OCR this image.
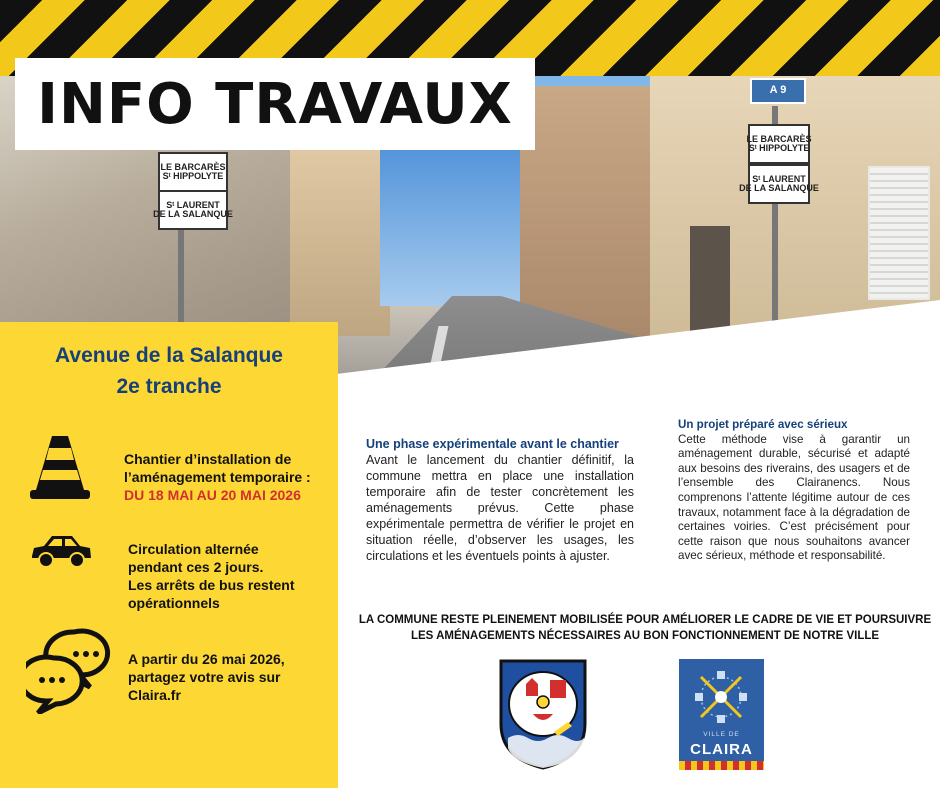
A 9
LE BARCARÈS
Sᵗ HIPPOLYTE
Sᵗ LAURENT
LA SALANQUE
LE BARCARÈS
Sᵗ HIPPOLYTE
Sᵗ LAURENT
DE LA SALANQUE
INFO TRAVAUX
Avenue de la Salanque
2e tranche
Chantier d’installation de
l’aménagement temporaire :
DU 18 MAI AU 20 MAI 2026
Circulation alternée
pendant ces 2 jours.
Les arrêts de bus restent
opérationnels
A partir du 26 mai 2026,
partagez votre avis sur
Claira.fr
Une phase expérimentale avant le chantier
Avant le lancement du chantier définitif, la commune mettra en place une installation temporaire afin de tester concrètement les aménagements prévus. Cette phase expérimentale permettra de vérifier le projet en situation réelle, d’observer les usages, les circulations et les éventuels points à ajuster.
Un projet préparé avec sérieux
Cette méthode vise à garantir un aménagement durable, sécurisé et adapté aux besoins des riverains, des usagers et de l’ensemble des Clairanencs. Nous comprenons l’attente légitime autour de ces travaux, notamment face à la dégradation de certaines voiries. C’est précisément pour cette raison que nous souhaitons avancer avec sérieux, méthode et responsabilité.
LA COMMUNE RESTE PLEINEMENT MOBILISÉE POUR AMÉLIORER LE CADRE DE VIE ET POURSUIVRE
LES AMÉNAGEMENTS NÉCESSAIRES AU BON FONCTIONNEMENT DE NOTRE VILLE
VILLE DE
CLAIRA
